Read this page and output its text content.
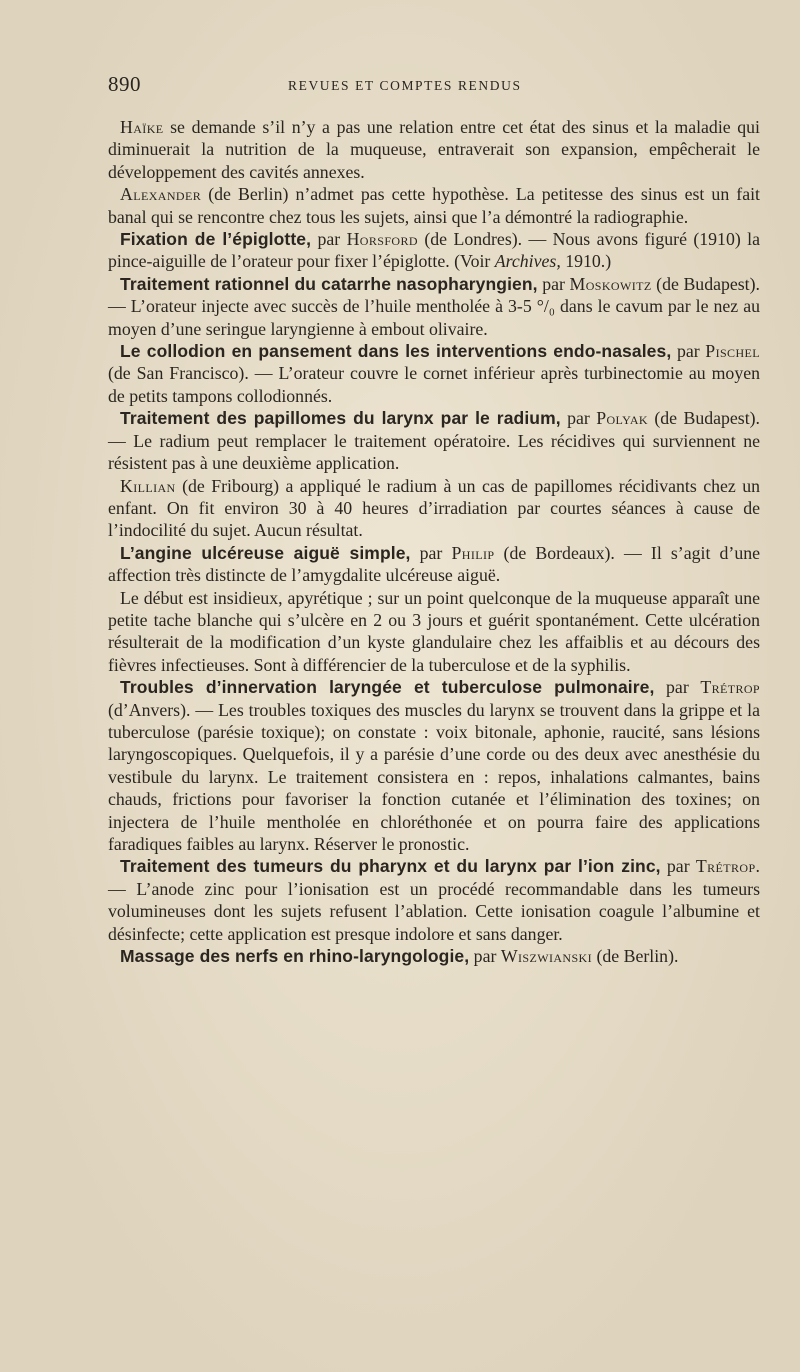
890	REVUES ET COMPTES RENDUS

Haïke se demande s’il n’y a pas une relation entre cet état des sinus et la maladie qui diminuerait la nutrition de la muqueuse, entraverait son expansion, empêcherait le développement des cavités annexes.

Alexander (de Berlin) n’admet pas cette hypothèse. La petitesse des sinus est un fait banal qui se rencontre chez tous les sujets, ainsi que l’a démontré la radiographie.

Fixation de l’épiglotte, par Horsford (de Londres). — Nous avons figuré (1910) la pince-aiguille de l’orateur pour fixer l’épiglotte. (Voir Archives, 1910.)

Traitement rationnel du catarrhe nasopharyngien, par Moskowitz (de Budapest). — L’orateur injecte avec succès de l’huile mentholée à 3-5 °/₀ dans le cavum par le nez au moyen d’une seringue laryngienne à embout olivaire.

Le collodion en pansement dans les interventions endo-nasales, par Pischel (de San Francisco). — L’orateur couvre le cornet inférieur après turbinectomie au moyen de petits tampons collodionnés.

Traitement des papillomes du larynx par le radium, par Polyak (de Budapest). — Le radium peut remplacer le traitement opératoire. Les récidives qui surviennent ne résistent pas à une deuxième application.

Killian (de Fribourg) a appliqué le radium à un cas de papillomes récidivants chez un enfant. On fit environ 30 à 40 heures d’irradiation par courtes séances à cause de l’indocilité du sujet. Aucun résultat.

L’angine ulcéreuse aiguë simple, par Philip (de Bordeaux). — Il s’agit d’une affection très distincte de l’amygdalite ulcéreuse aiguë.

Le début est insidieux, apyrétique ; sur un point quelconque de la muqueuse apparaît une petite tache blanche qui s’ulcère en 2 ou 3 jours et guérit spontanément. Cette ulcération résulterait de la modification d’un kyste glandulaire chez les affaiblis et au décours des fièvres infectieuses. Sont à différencier de la tuberculose et de la syphilis.

Troubles d’innervation laryngée et tuberculose pulmonaire, par Trétrop (d’Anvers). — Les troubles toxiques des muscles du larynx se trouvent dans la grippe et la tuberculose (parésie toxique); on constate : voix bitonale, aphonie, raucité, sans lésions laryngoscopiques. Quelquefois, il y a parésie d’une corde ou des deux avec anesthésie du vestibule du larynx. Le traitement consistera en : repos, inhalations calmantes, bains chauds, frictions pour favoriser la fonction cutanée et l’élimination des toxines; on injectera de l’huile mentholée en chloréthonée et on pourra faire des applications faradiques faibles au larynx. Réserver le pronostic.

Traitement des tumeurs du pharynx et du larynx par l’ion zinc, par Trétrop. — L’anode zinc pour l’ionisation est un procédé recommandable dans les tumeurs volumineuses dont les sujets refusent l’ablation. Cette ionisation coagule l’albumine et désinfecte; cette application est presque indolore et sans danger.

Massage des nerfs en rhino-laryngologie, par Wiszwianski (de Berlin).
